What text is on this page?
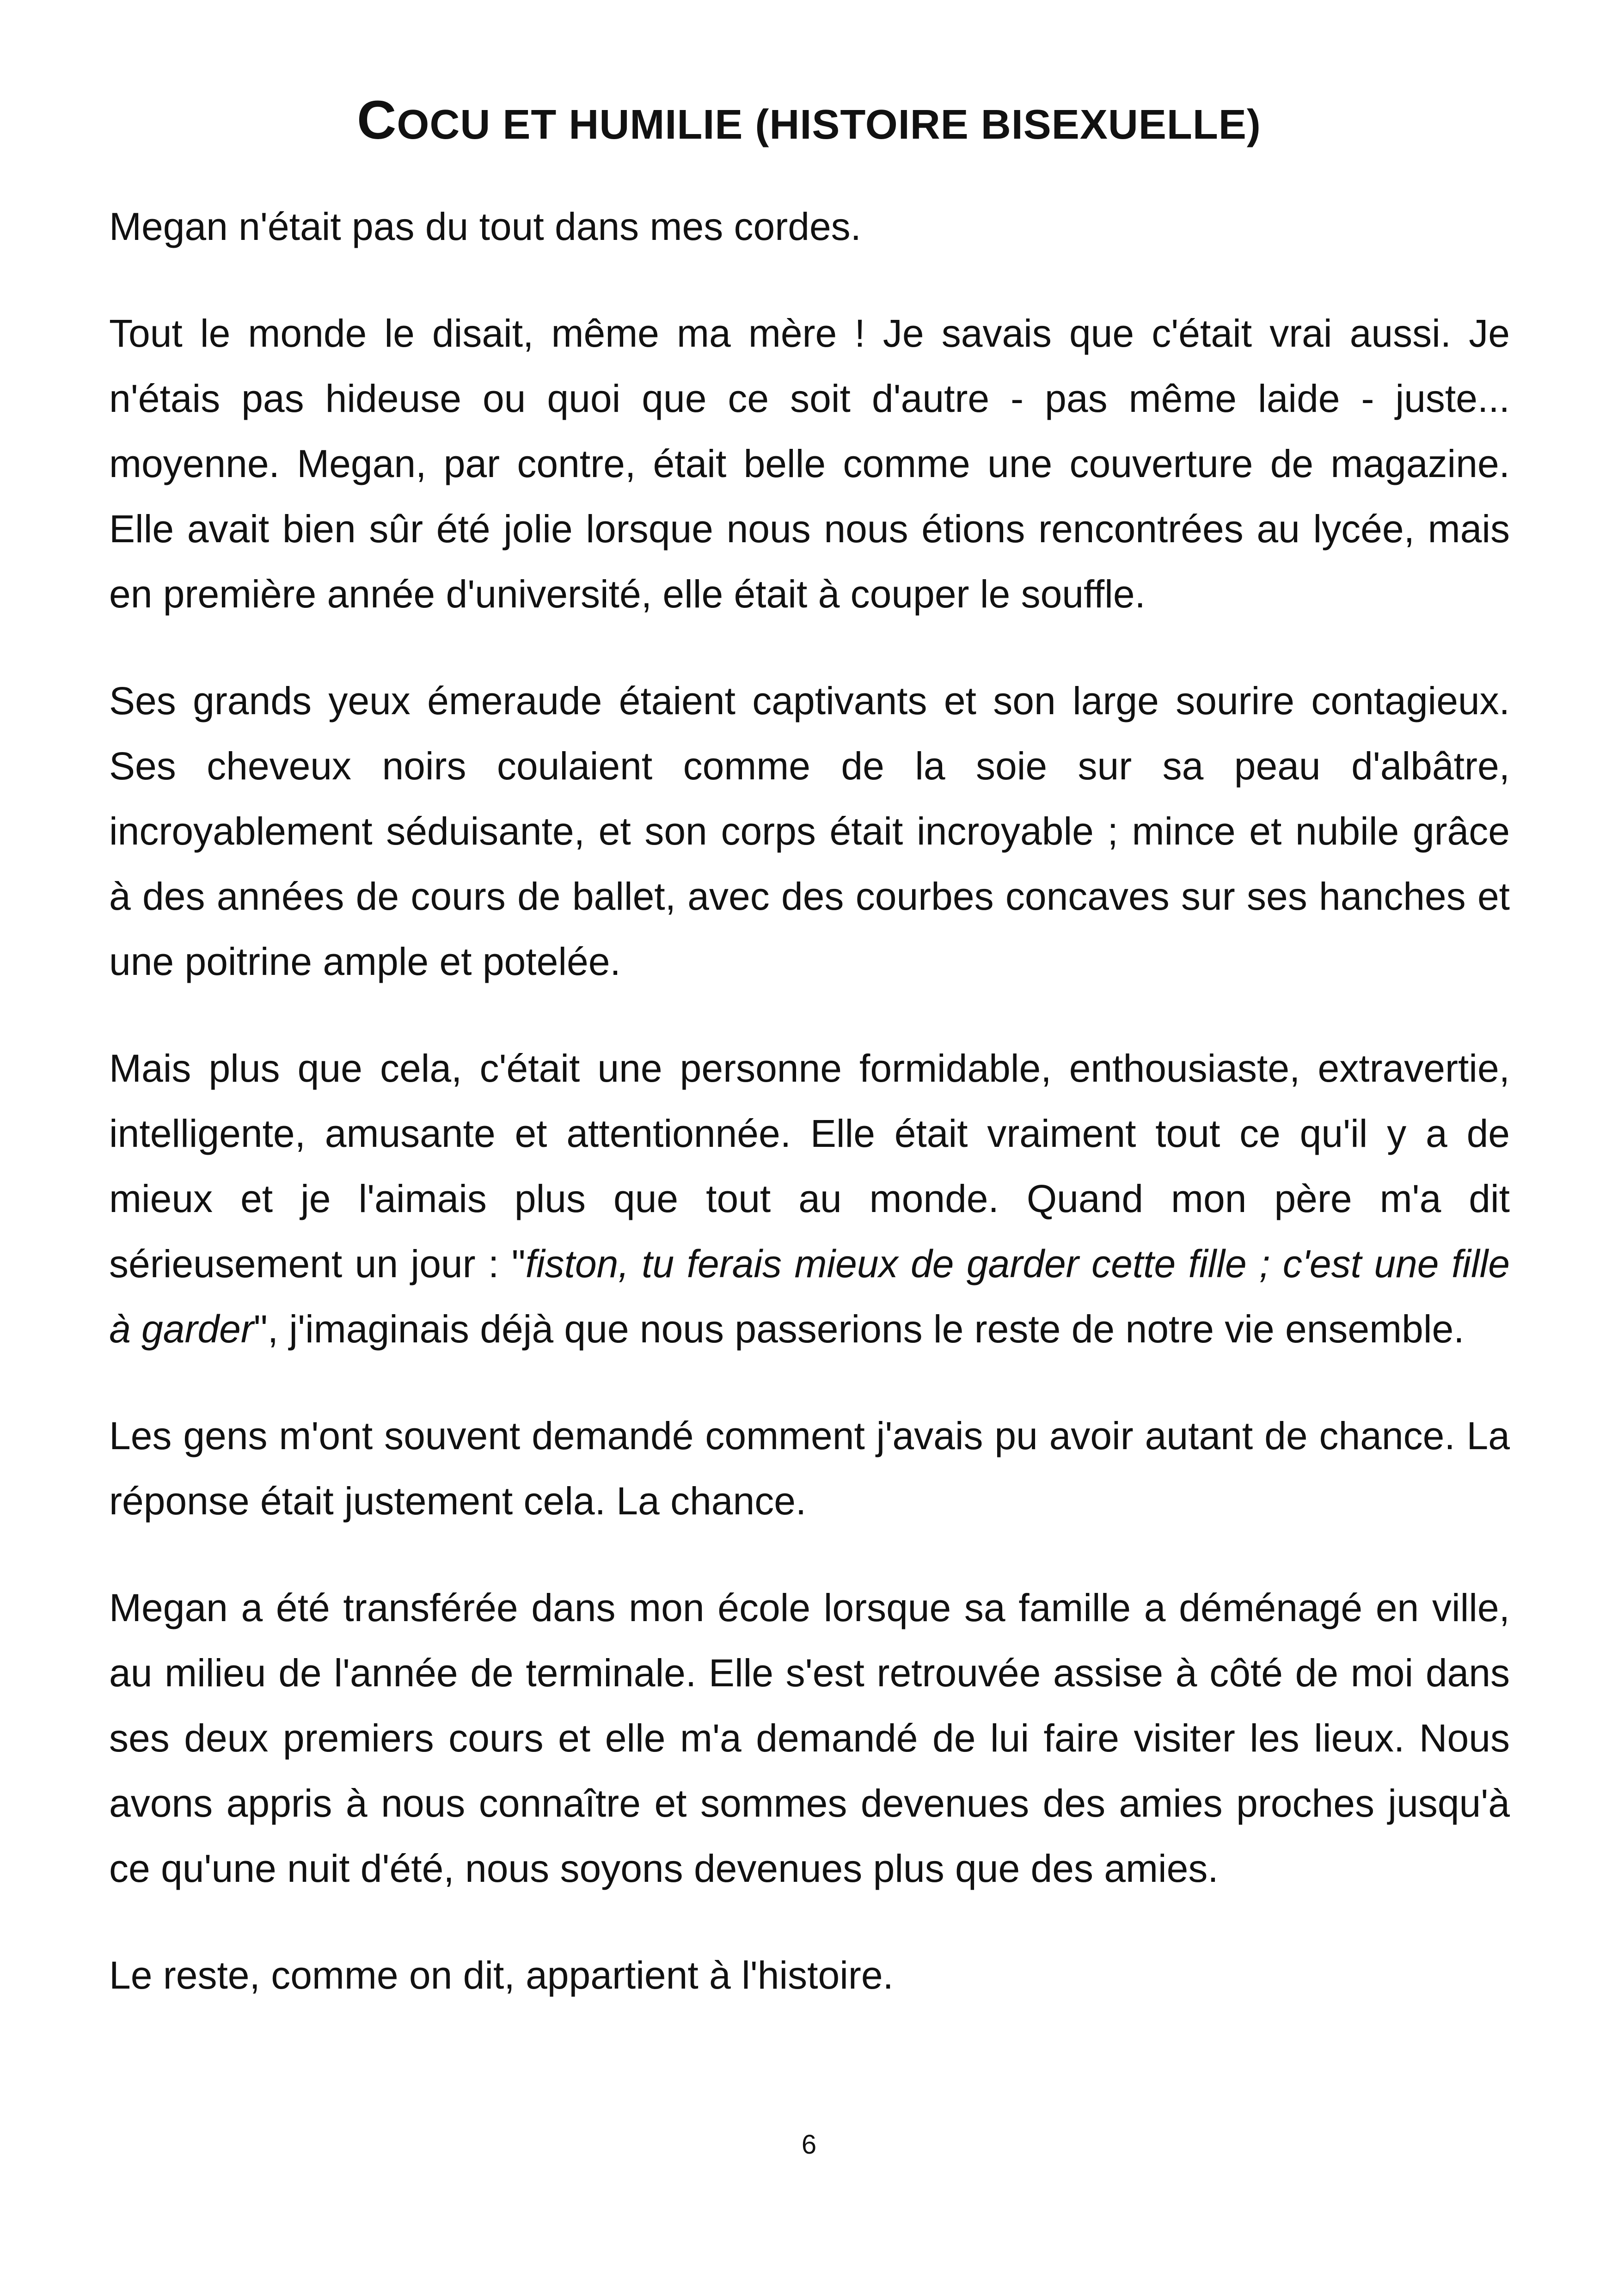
COCU ET HUMILIE (HISTOIRE BISEXUELLE)

Megan n'était pas du tout dans mes cordes.

Tout le monde le disait, même ma mère ! Je savais que c'était vrai aussi. Je n'étais pas hideuse ou quoi que ce soit d'autre - pas même laide - juste... moyenne. Megan, par contre, était belle comme une couverture de magazine. Elle avait bien sûr été jolie lorsque nous nous étions rencontrées au lycée, mais en première année d'université, elle était à couper le souffle.

Ses grands yeux émeraude étaient captivants et son large sourire contagieux. Ses cheveux noirs coulaient comme de la soie sur sa peau d'albâtre, incroyablement séduisante, et son corps était incroyable ; mince et nubile grâce à des années de cours de ballet, avec des courbes concaves sur ses hanches et une poitrine ample et potelée.

Mais plus que cela, c'était une personne formidable, enthousiaste, extravertie, intelligente, amusante et attentionnée. Elle était vraiment tout ce qu'il y a de mieux et je l'aimais plus que tout au monde. Quand mon père m'a dit sérieusement un jour : "fiston, tu ferais mieux de garder cette fille ; c'est une fille à garder", j'imaginais déjà que nous passerions le reste de notre vie ensemble.

Les gens m'ont souvent demandé comment j'avais pu avoir autant de chance. La réponse était justement cela. La chance.

Megan a été transférée dans mon école lorsque sa famille a déménagé en ville, au milieu de l'année de terminale. Elle s'est retrouvée assise à côté de moi dans ses deux premiers cours et elle m'a demandé de lui faire visiter les lieux. Nous avons appris à nous connaître et sommes devenues des amies proches jusqu'à ce qu'une nuit d'été, nous soyons devenues plus que des amies.

Le reste, comme on dit, appartient à l'histoire.

6
